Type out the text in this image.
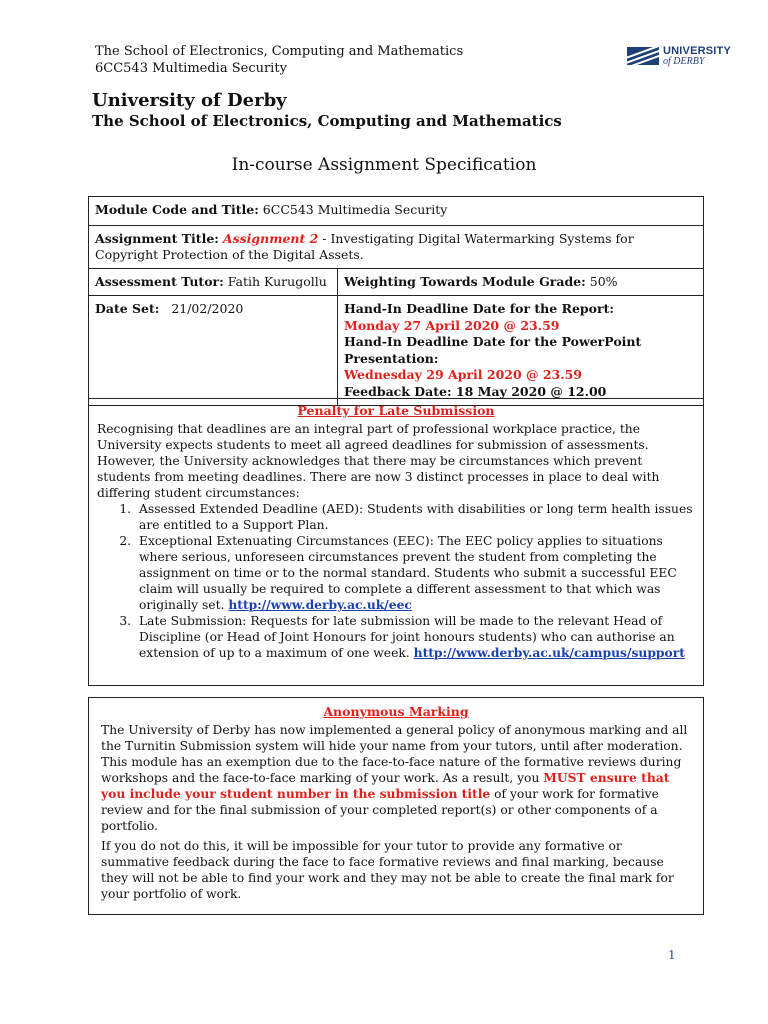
The School of Electronics, Computing and Mathematics
6CC543 Multimedia Security
UNIVERSITY
of DERBY
University of Derby
The School of Electronics, Computing and Mathematics
In-course Assignment Specification
Module Code and Title: 6CC543 Multimedia Security	
Assignment Title: Assignment 2 - Investigating Digital Watermarking Systems for Copyright Protection of the Digital Assets.	
Assessment Tutor: Fatih Kurugollu	Weighting Towards Module Grade: 50%
Date Set: 21/02/2020	Hand-In Deadline Date for the Report:
Monday 27 April 2020 @ 23.59
Hand-In Deadline Date for the PowerPoint Presentation:
Wednesday 29 April 2020 @ 23.59
Feedback Date: 18 May 2020 @ 12.00
Penalty for Late Submission

Recognising that deadlines are an integral part of professional workplace practice, the University expects students to meet all agreed deadlines for submission of assessments. However, the University acknowledges that there may be circumstances which prevent students from meeting deadlines. There are now 3 distinct processes in place to deal with differing student circumstances:

1. Assessed Extended Deadline (AED): Students with disabilities or long term health issues are entitled to a Support Plan.
2. Exceptional Extenuating Circumstances (EEC): The EEC policy applies to situations where serious, unforeseen circumstances prevent the student from completing the assignment on time or to the normal standard. Students who submit a successful EEC claim will usually be required to complete a different assessment to that which was originally set. http://www.derby.ac.uk/eec
3. Late Submission: Requests for late submission will be made to the relevant Head of Discipline (or Head of Joint Honours for joint honours students) who can authorise an extension of up to a maximum of one week. http://www.derby.ac.uk/campus/support
Anonymous Marking

The University of Derby has now implemented a general policy of anonymous marking and all the Turnitin Submission system will hide your name from your tutors, until after moderation. This module has an exemption due to the face-to-face nature of the formative reviews during workshops and the face-to-face marking of your work. As a result, you MUST ensure that you include your student number in the submission title of your work for formative review and for the final submission of your completed report(s) or other components of a portfolio.

If you do not do this, it will be impossible for your tutor to provide any formative or summative feedback during the face to face formative reviews and final marking, because they will not be able to find your work and they may not be able to create the final mark for your portfolio of work.

1
